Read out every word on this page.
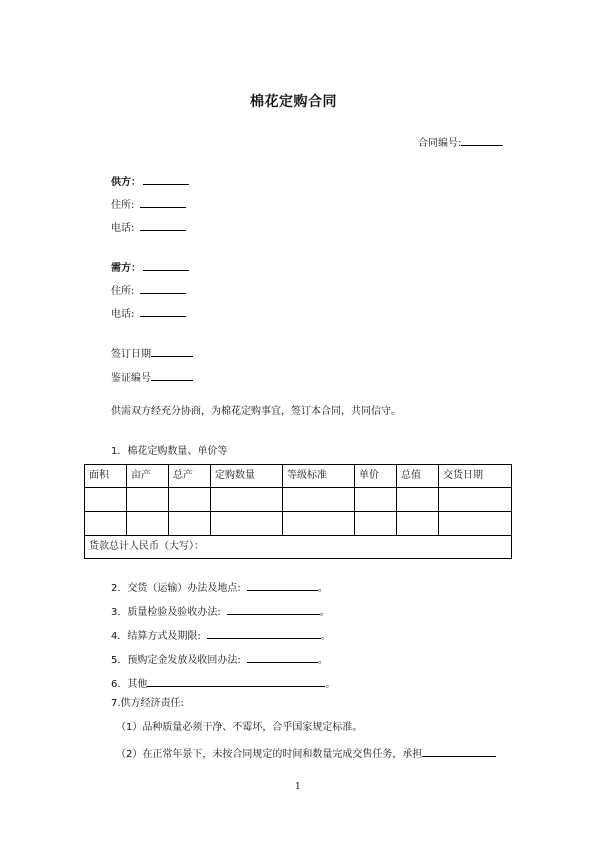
棉花定购合同
合同编号:
供方：
住所:
电话:
需方：
住所:
电话:
签订日期
鉴证编号
供需双方经充分协商，为棉花定购事宜，签订本合同，共同信守。
1．棉花定购数量、单价等
面积	亩产	总产	定购数量	等级标准	单价	总值	交货日期

货款总计人民币（大写）：							
2．交货（运输）办法及地点:	。
3．质量检验及验收办法:	。
4．结算方式及期限:	。
5．预购定金发放及收回办法:	。
6．其他	。
7.供方经济责任:
（1）品种质量必须干净、不霉坏，合乎国家规定标准。
（2）在正常年景下，未按合同规定的时间和数量完成交售任务，承担
1
